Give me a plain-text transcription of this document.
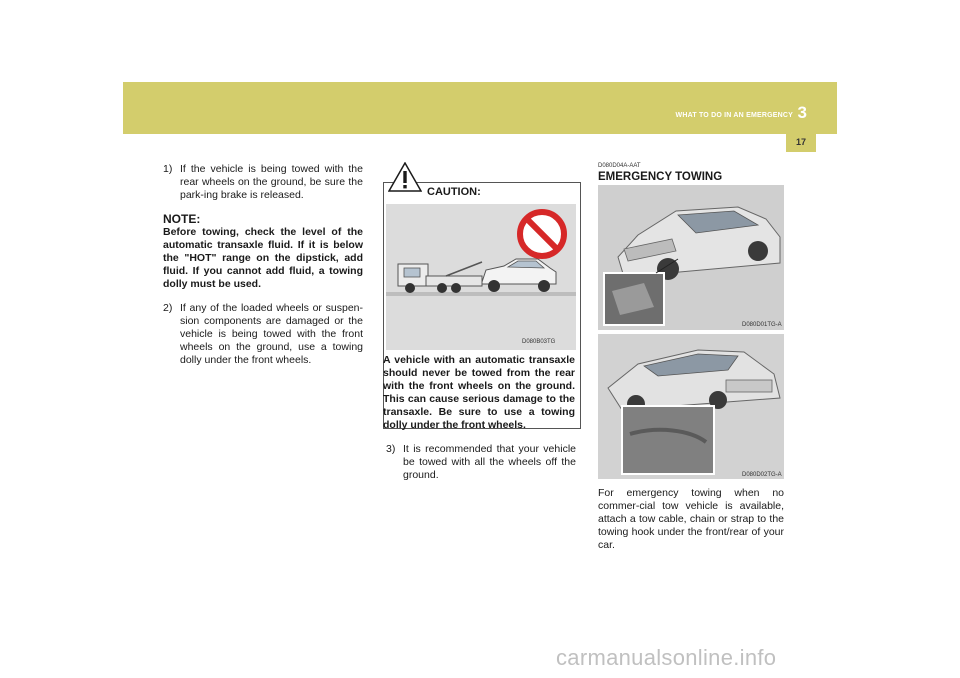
WHAT TO DO IN AN EMERGENCY 3
17
1) If the vehicle is being towed with the rear wheels on the ground, be sure the park-ing brake is released.
NOTE:
Before towing, check the level of the automatic transaxle fluid. If it is below the "HOT" range on the dipstick, add fluid. If you cannot add fluid, a towing dolly must be used.
2) If any of the loaded wheels or suspen-sion components are damaged or the vehicle is being towed with the front wheels on the ground, use a towing dolly under the front wheels.
CAUTION:
D080B03TG
A vehicle with an automatic transaxle should never be towed from the rear with the front wheels on the ground. This can cause serious damage to the transaxle. Be sure to use a towing dolly under the front wheels.
3) It is recommended that your vehicle be towed with all the wheels off the ground.
D080D04A-AAT
EMERGENCY TOWING
D080D01TG-A
D080D02TG-A
For emergency towing when no commer-cial tow vehicle is available, attach a tow cable, chain or strap to the towing hook under the front/rear of your car.
carmanualsonline.info
